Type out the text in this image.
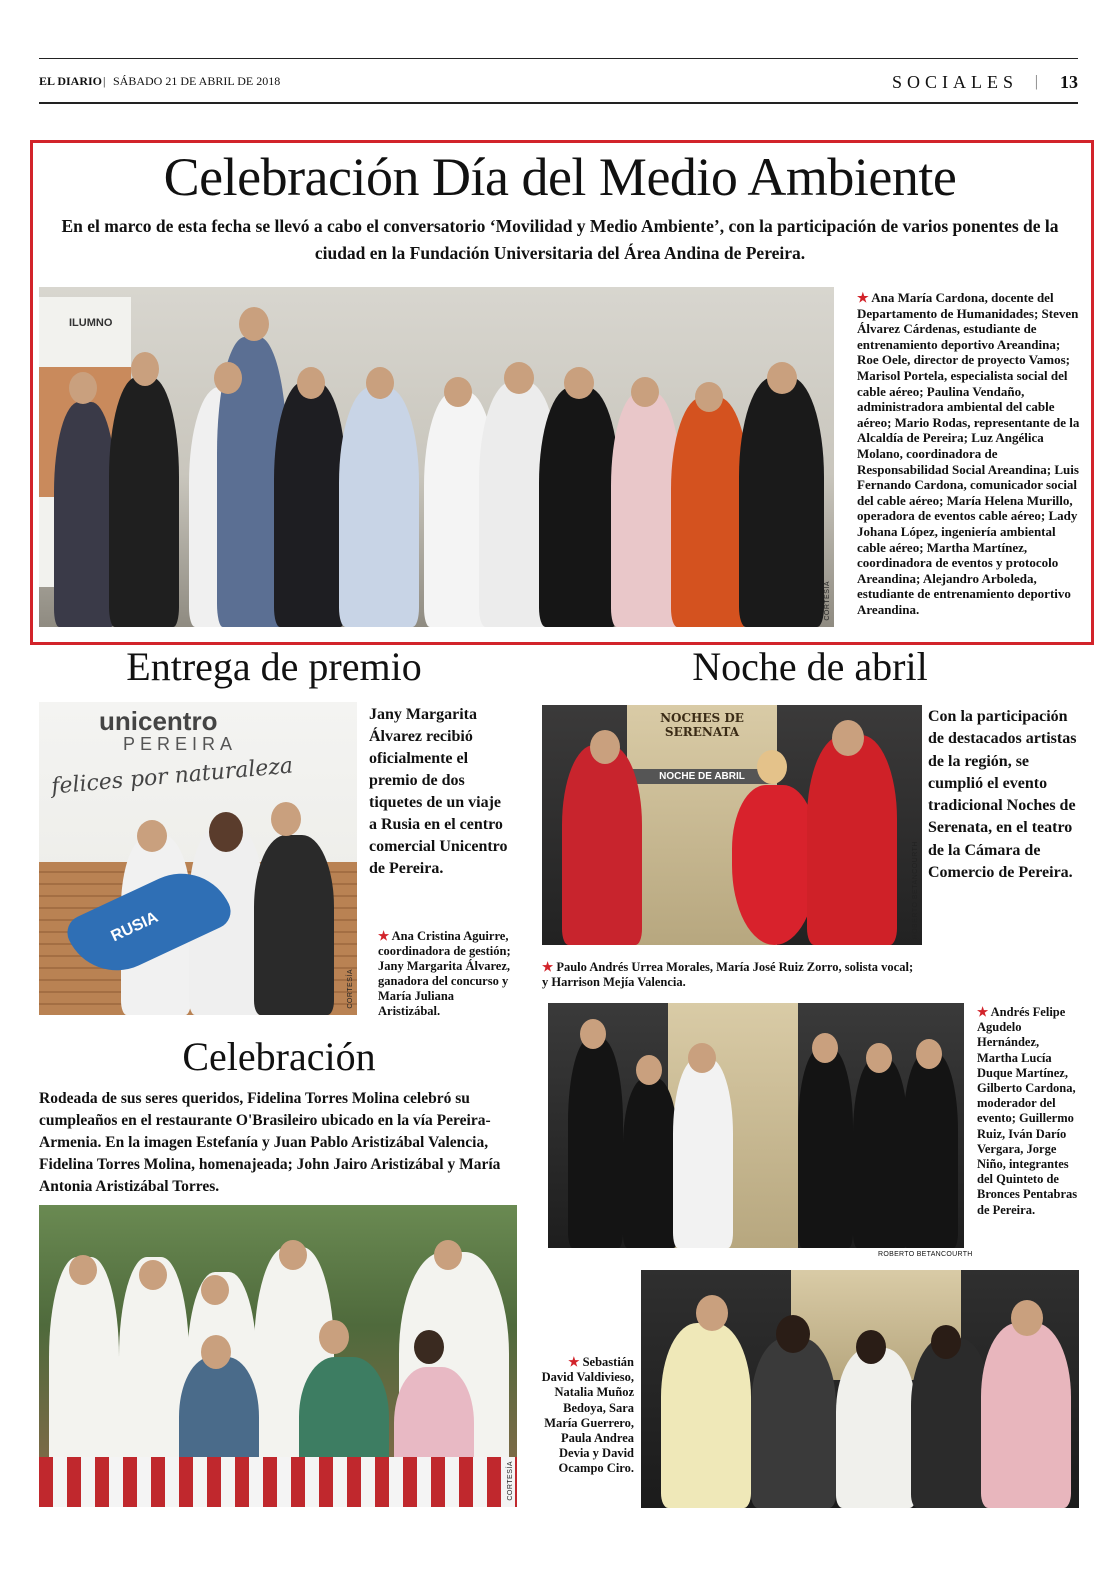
EL DIARIO | SÁBADO 21 DE ABRIL DE 2018	SOCIALES | 13
Celebración Día del Medio Ambiente
En el marco de esta fecha se llevó a cabo el conversatorio ‘Movilidad y Medio Ambiente’, con la participación de varios ponentes de la ciudad en la Fundación Universitaria del Área Andina de Pereira.
ILUMNO
CORTESÍA
★ Ana María Cardona, docente del Departamento de Humanidades; Steven Álvarez Cárdenas, estudiante de entrenamiento deportivo Areandina; Roe Oele, director de proyecto Vamos; Marisol Portela, especialista social del cable aéreo; Paulina Vendaño, administradora ambiental del cable aéreo; Mario Rodas, representante de la Alcaldía de Pereira; Luz Angélica Molano, coordinadora de Responsabilidad Social Areandina; Luis Fernando Cardona, comunicador social del cable aéreo; María Helena Murillo, operadora de eventos cable aéreo; Lady Johana López, ingeniería ambiental cable aéreo; Martha Martínez, coordinadora de eventos y protocolo Areandina; Alejandro Arboleda, estudiante de entrenamiento deportivo Areandina.
Entrega de premio
unicentro
PEREIRA
felices por naturaleza
RUSIA
CORTESÍA
Jany Margarita Álvarez recibió oficialmente el premio de dos tiquetes de un viaje a Rusia en el centro comercial Unicentro de Pereira.
★ Ana Cristina Aguirre, coordinadora de gestión; Jany Margarita Álvarez, ganadora del concurso y María Juliana Aristizábal.
Celebración
Rodeada de sus seres queridos, Fidelina Torres Molina celebró su cumpleaños en el restaurante O'Brasileiro ubicado en la vía Pereira-Armenia. En la imagen Estefanía y Juan Pablo Aristizábal Valencia, Fidelina Torres Molina, homenajeada; John Jairo Aristizábal y María Antonia Aristizábal Torres.
CORTESÍA
Noche de abril
NOCHES DE SERENATA
NOCHE DE ABRIL
ROBERTO BETANCOURTH
Con la participación de destacados artistas de la región, se cumplió el evento tradicional Noches de Serenata, en el teatro de la Cámara de Comercio de Pereira.
★ Paulo Andrés Urrea Morales, María José Ruiz Zorro, solista vocal; y Harrison Mejía Valencia.
ROBERTO BETANCOURTH
★ Andrés Felipe Agudelo Hernández, Martha Lucía Duque Martínez, Gilberto Cardona, moderador del evento; Guillermo Ruiz, Iván Darío Vergara, Jorge Niño, integrantes del Quinteto de Bronces Pentabras de Pereira.
★ Sebastián David Valdivieso, Natalia Muñoz Bedoya, Sara María Guerrero, Paula Andrea Devia y David Ocampo Ciro.
